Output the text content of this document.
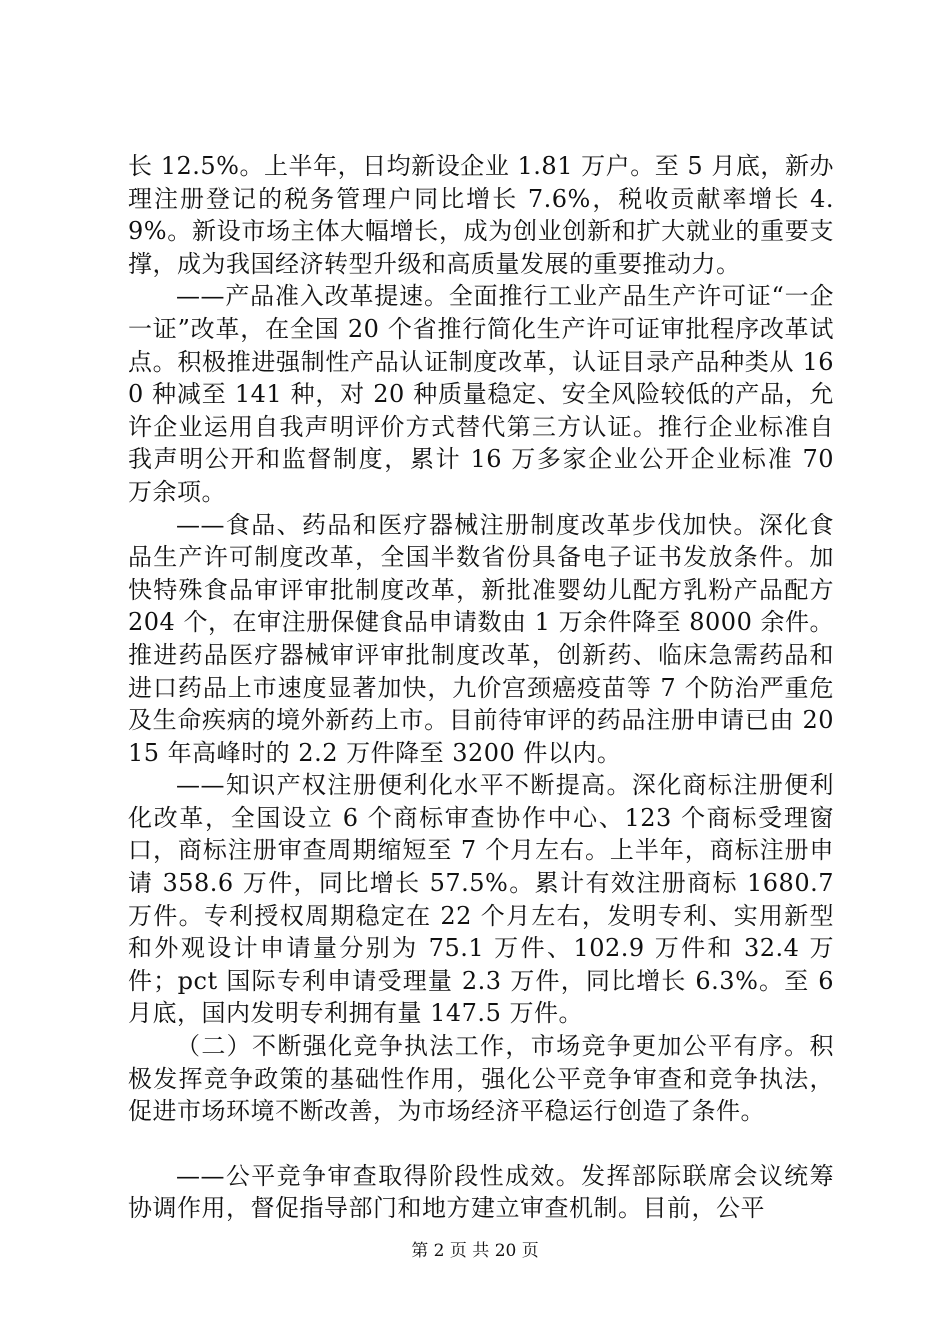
长 12.5%。上半年，日均新设企业 1.81 万户。至 5 月底，新办理注册登记的税务管理户同比增长 7.6%，税收贡献率增长 4.9%。新设市场主体大幅增长，成为创业创新和扩大就业的重要支撑，成为我国经济转型升级和高质量发展的重要推动力。

——产品准入改革提速。全面推行工业产品生产许可证“一企一证”改革，在全国 20 个省推行简化生产许可证审批程序改革试点。积极推进强制性产品认证制度改革，认证目录产品种类从 160 种减至 141 种，对 20 种质量稳定、安全风险较低的产品，允许企业运用自我声明评价方式替代第三方认证。推行企业标准自我声明公开和监督制度，累计 16 万多家企业公开企业标准 70 万余项。

——食品、药品和医疗器械注册制度改革步伐加快。深化食品生产许可制度改革，全国半数省份具备电子证书发放条件。加快特殊食品审评审批制度改革，新批准婴幼儿配方乳粉产品配方 204 个，在审注册保健食品申请数由 1 万余件降至 8000 余件。推进药品医疗器械审评审批制度改革，创新药、临床急需药品和进口药品上市速度显著加快，九价宫颈癌疫苗等 7 个防治严重危及生命疾病的境外新药上市。目前待审评的药品注册申请已由 2015 年高峰时的 2.2 万件降至 3200 件以内。

——知识产权注册便利化水平不断提高。深化商标注册便利化改革，全国设立 6 个商标审查协作中心、123 个商标受理窗口，商标注册审查周期缩短至 7 个月左右。上半年，商标注册申请 358.6 万件，同比增长 57.5%。累计有效注册商标 1680.7 万件。专利授权周期稳定在 22 个月左右，发明专利、实用新型和外观设计申请量分别为 75.1 万件、102.9 万件和 32.4 万件；pct 国际专利申请受理量 2.3 万件，同比增长 6.3%。至 6 月底，国内发明专利拥有量 147.5 万件。

（二）不断强化竞争执法工作，市场竞争更加公平有序。积极发挥竞争政策的基础性作用，强化公平竞争审查和竞争执法，促进市场环境不断改善，为市场经济平稳运行创造了条件。

——公平竞争审查取得阶段性成效。发挥部际联席会议统筹协调作用，督促指导部门和地方建立审查机制。目前，公平

第 2 页 共 20 页
